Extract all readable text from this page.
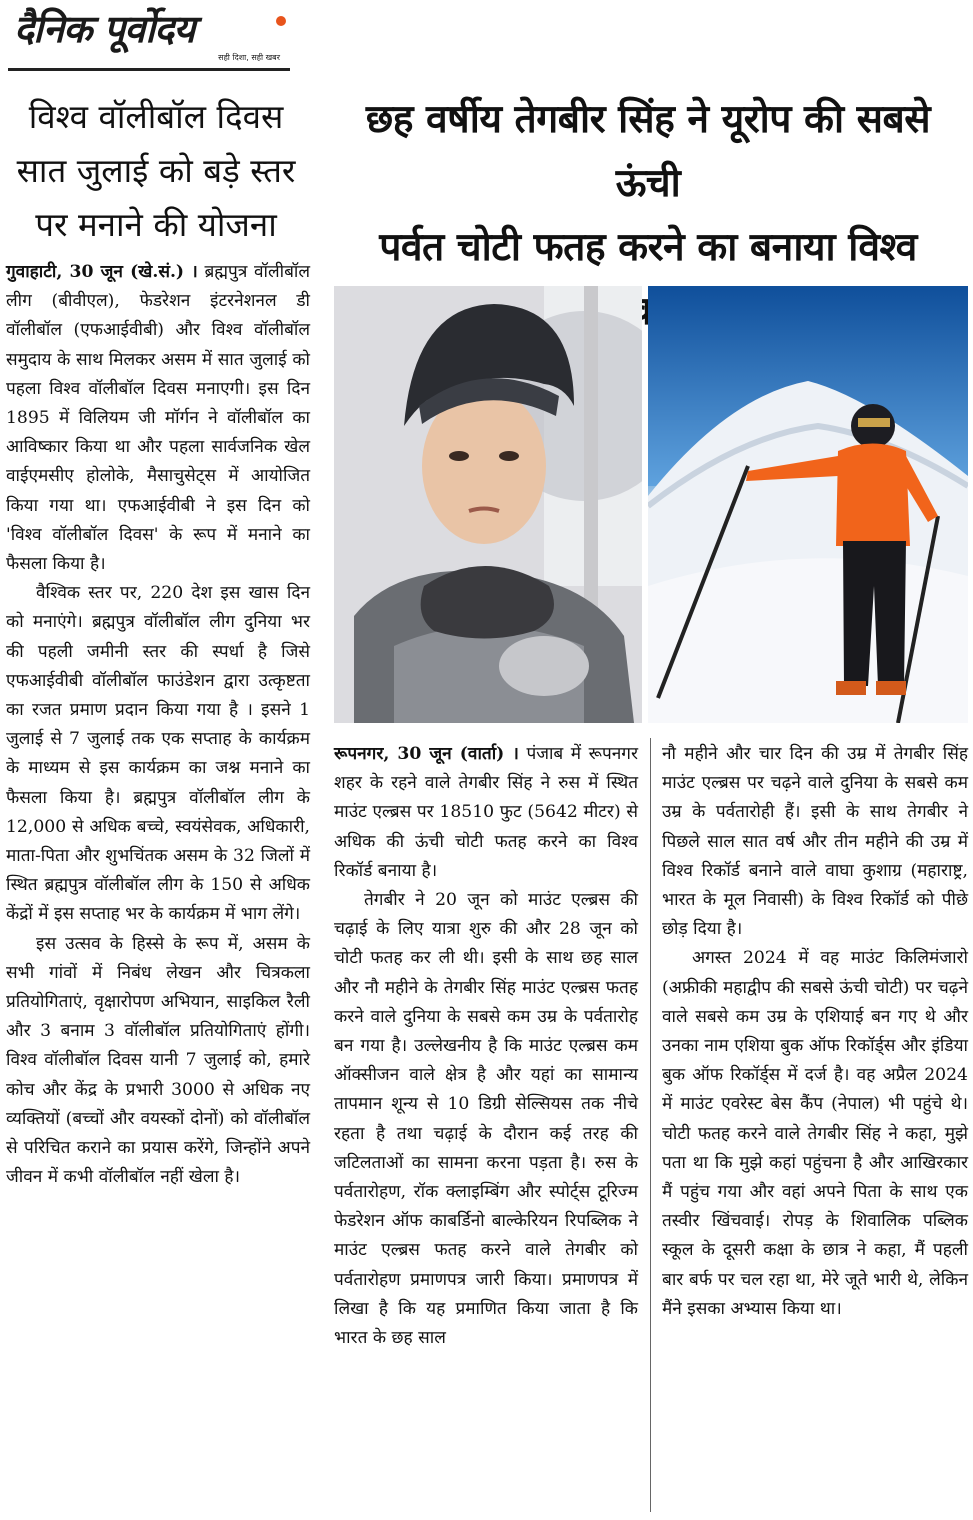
दैनिक पूर्वोदय
सही दिशा, सही खबर
विश्व वॉलीबॉल दिवस
सात जुलाई को बड़े स्तर
पर मनाने की योजना

गुवाहाटी, 30 जून (खे.सं.) । ब्रह्मपुत्र वॉलीबॉल लीग (बीवीएल), फेडरेशन इंटरनेशनल डी वॉलीबॉल (एफआईवीबी) और विश्व वॉलीबॉल समुदाय के साथ मिलकर असम में सात जुलाई को पहला विश्व वॉलीबॉल दिवस मनाएगी। इस दिन 1895 में विलियम जी मॉर्गन ने वॉलीबॉल का आविष्कार किया था और पहला सार्वजनिक खेल वाईएमसीए होलोके, मैसाचुसेट्स में आयोजित किया गया था। एफआईवीबी ने इस दिन को 'विश्व वॉलीबॉल दिवस' के रूप में मनाने का फैसला किया है।

वैश्विक स्तर पर, 220 देश इस खास दिन को मनाएंगे। ब्रह्मपुत्र वॉलीबॉल लीग दुनिया भर की पहली जमीनी स्तर की स्पर्धा है जिसे एफआईवीबी वॉलीबॉल फाउंडेशन द्वारा उत्कृष्टता का रजत प्रमाण प्रदान किया गया है । इसने 1 जुलाई से 7 जुलाई तक एक सप्ताह के कार्यक्रम के माध्यम से इस कार्यक्रम का जश्न मनाने का फैसला किया है। ब्रह्मपुत्र वॉलीबॉल लीग के 12,000 से अधिक बच्चे, स्वयंसेवक, अधिकारी, माता-पिता और शुभचिंतक असम के 32 जिलों में स्थित ब्रह्मपुत्र वॉलीबॉल लीग के 150 से अधिक केंद्रों में इस सप्ताह भर के कार्यक्रम में भाग लेंगे।

इस उत्सव के हिस्से के रूप में, असम के सभी गांवों में निबंध लेखन और चित्रकला प्रतियोगिताएं, वृक्षारोपण अभियान, साइकिल रैली और 3 बनाम 3 वॉलीबॉल प्रतियोगिताएं होंगी। विश्व वॉलीबॉल दिवस यानी 7 जुलाई को, हमारे कोच और केंद्र के प्रभारी 3000 से अधिक नए व्यक्तियों (बच्चों और वयस्कों दोनों) को वॉलीबॉल से परिचित कराने का प्रयास करेंगे, जिन्होंने अपने जीवन में कभी वॉलीबॉल नहीं खेला है।

छह वर्षीय तेगबीर सिंह ने यूरोप की सबसे ऊंची
पर्वत चोटी फतह करने का बनाया विश्व

रूपनगर, 30 जून (वार्ता) । पंजाब में रूपनगर शहर के रहने वाले तेगबीर सिंह ने रुस में स्थित माउंट एल्ब्रस पर 18510 फुट (5642 मीटर) से अधिक की ऊंची चोटी फतह करने का विश्व रिकॉर्ड बनाया है।

तेगबीर ने 20 जून को माउंट एल्ब्रस की चढ़ाई के लिए यात्रा शुरु की और 28 जून को चोटी फतह कर ली थी। इसी के साथ छह साल और नौ महीने के तेगबीर सिंह माउंट एल्ब्रस फतह करने वाले दुनिया के सबसे कम उम्र के पर्वतारोह बन गया है। उल्लेखनीय है कि माउंट एल्ब्रस कम ऑक्सीजन वाले क्षेत्र है और यहां का सामान्य तापमान शून्य से 10 डिग्री सेल्सियस तक नीचे रहता है तथा चढ़ाई के दौरान कई तरह की जटिलताओं का सामना करना पड़ता है। रुस के पर्वतारोहण, रॉक क्लाइम्बिंग और स्पोर्ट्स टूरिज्म फेडरेशन ऑफ काबर्डिनो बाल्केरियन रिपब्लिक ने माउंट एल्ब्रस फतह करने वाले तेगबीर को पर्वतारोहण प्रमाणपत्र जारी किया। प्रमाणपत्र में लिखा है कि यह प्रमाणित किया जाता है कि भारत के छह साल

नौ महीने और चार दिन की उम्र में तेगबीर सिंह माउंट एल्ब्रस पर चढ़ने वाले दुनिया के सबसे कम उम्र के पर्वतारोही हैं। इसी के साथ तेगबीर ने पिछले साल सात वर्ष और तीन महीने की उम्र में विश्व रिकॉर्ड बनाने वाले वाघा कुशाग्र (महाराष्ट्र, भारत के मूल निवासी) के विश्व रिकॉर्ड को पीछे छोड़ दिया है।

अगस्त 2024 में वह माउंट किलिमंजारो (अफ्रीकी महाद्वीप की सबसे ऊंची चोटी) पर चढ़ने वाले सबसे कम उम्र के एशियाई बन गए थे और उनका नाम एशिया बुक ऑफ रिकॉर्ड्स और इंडिया बुक ऑफ रिकॉर्ड्स में दर्ज है। वह अप्रैल 2024 में माउंट एवरेस्ट बेस कैंप (नेपाल) भी पहुंचे थे। चोटी फतह करने वाले तेगबीर सिंह ने कहा, मुझे पता था कि मुझे कहां पहुंचना है और आखिरकार मैं पहुंच गया और वहां अपने पिता के साथ एक तस्वीर खिंचवाई। रोपड़ के शिवालिक पब्लिक स्कूल के दूसरी कक्षा के छात्र ने कहा, मैं पहली बार बर्फ पर चल रहा था, मेरे जूते भारी थे, लेकिन मैंने इसका अभ्यास किया था।
